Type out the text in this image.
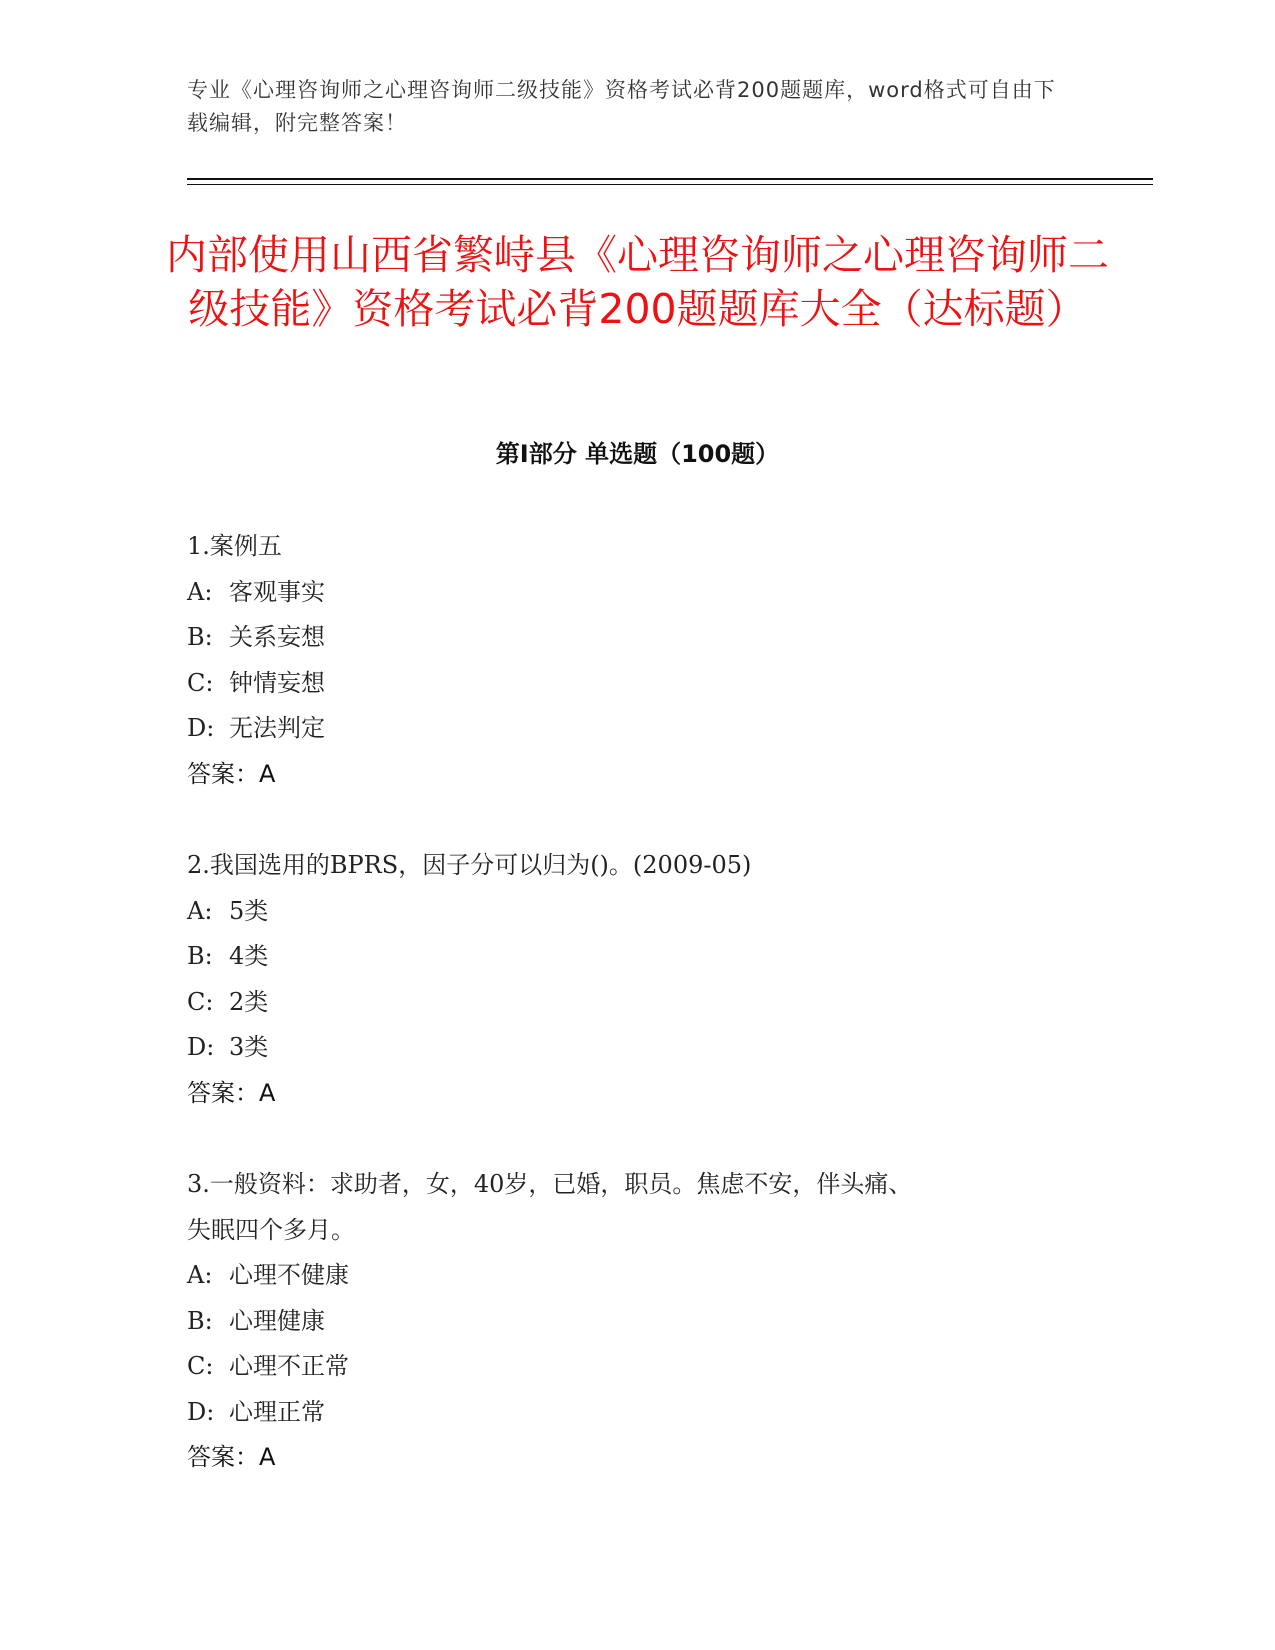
专业《心理咨询师之心理咨询师二级技能》资格考试必背200题题库，word格式可自由下载编辑，附完整答案！
内部使用山西省繁峙县《心理咨询师之心理咨询师二级技能》资格考试必背200题题库大全（达标题）
第Ⅰ部分 单选题（100题）
1.案例五
A: 客观事实
B: 关系妄想
C: 钟情妄想
D: 无法判定
答案：A
2.我国选用的BPRS，因子分可以归为()。(2009-05)
A: 5类
B: 4类
C: 2类
D: 3类
答案：A
3.一般资料：求助者，女，40岁，已婚，职员。焦虑不安，伴头痛、
失眠四个多月。
A: 心理不健康
B: 心理健康
C: 心理不正常
D: 心理正常
答案：A
